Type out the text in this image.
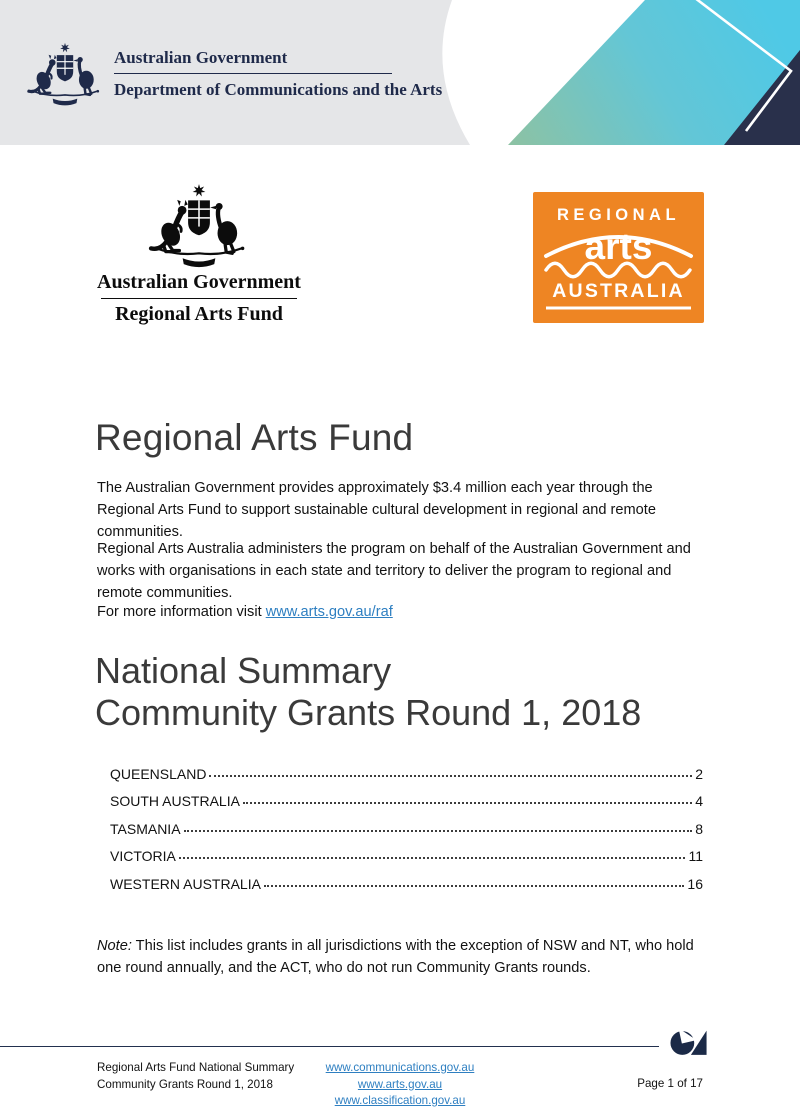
Australian Government
Department of Communications and the Arts
Australian Government
Regional Arts Fund
REGIONAL
arts
AUSTRALIA
Regional Arts Fund

The Australian Government provides approximately $3.4 million each year through the Regional Arts Fund to support sustainable cultural development in regional and remote communities.

Regional Arts Australia administers the program on behalf of the Australian Government and works with organisations in each state and territory to deliver the program to regional and remote communities.

For more information visit www.arts.gov.au/raf

National Summary
Community Grants Round 1, 2018
QUEENSLAND	2
SOUTH AUSTRALIA	4
TASMANIA	8
VICTORIA	11
WESTERN AUSTRALIA	16

Note: This list includes grants in all jurisdictions with the exception of NSW and NT, who hold one round annually, and the ACT, who do not run Community Grants rounds.

Regional Arts Fund National Summary
Community Grants Round 1, 2018
www.communications.gov.au
www.arts.gov.au
www.classification.gov.au
Page 1 of 17
